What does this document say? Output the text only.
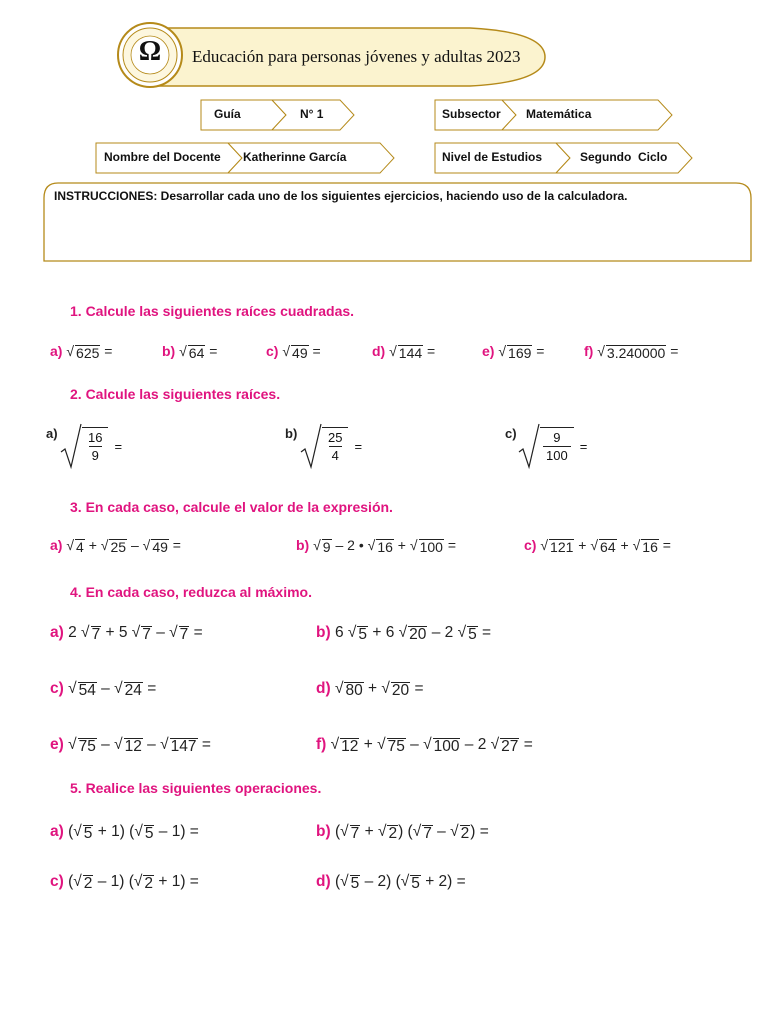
Ω Educación para personas jóvenes y adultas 2023
Guía	N° 1	Subsector Matemática
Nombre del Docente Katherinne García	Nivel de Estudios	Segundo  Ciclo
INSTRUCCIONES: Desarrollar cada uno de los siguientes ejercicios, haciendo uso de la calculadora.
1. Calcule las siguientes raíces cuadradas.
a) √ 625 =	b) √ 64 =	c) √ 49 =	d) √ 144 =	e) √ 169 =	f) √ 3.240000 =
2. Calcule las siguientes raíces.
$a) \frac{16}{9}$ =
$b) \frac{25}{4}$ =
$c) \frac{9}{100}$ =
3. En cada caso, calcule el valor de la expresión.
a) √ 4 + √ 25 – √ 49 =	b) √ 9 – 2 • √ 16 + √ 100 =	c) √ 121 + √ 64 + √ 16 =
4. En cada caso, reduzca al máximo.
a) 2 √ 7 + 5 √ 7 – √ 7 =	b) 6 √ 5 + 6 √ 20 – 2 √ 5 =
c) √ 54 – √ 24 =	d) √ 80 + √ 20 =
e) √ 75 – √ 12 – √ 147 =	f) √ 12 + √ 75 – √ 100 – 2 √ 27 =
5. Realice las siguientes operaciones.
a) ( √ 5 + 1) ( √ 5 – 1) =	b) ( √ 7 + √ 2 ) ( √ 7 – √ 2 ) =
c) ( √ 2 – 1) ( √ 2 + 1) =	d) ( √ 5 – 2) ( √ 5 + 2) =
